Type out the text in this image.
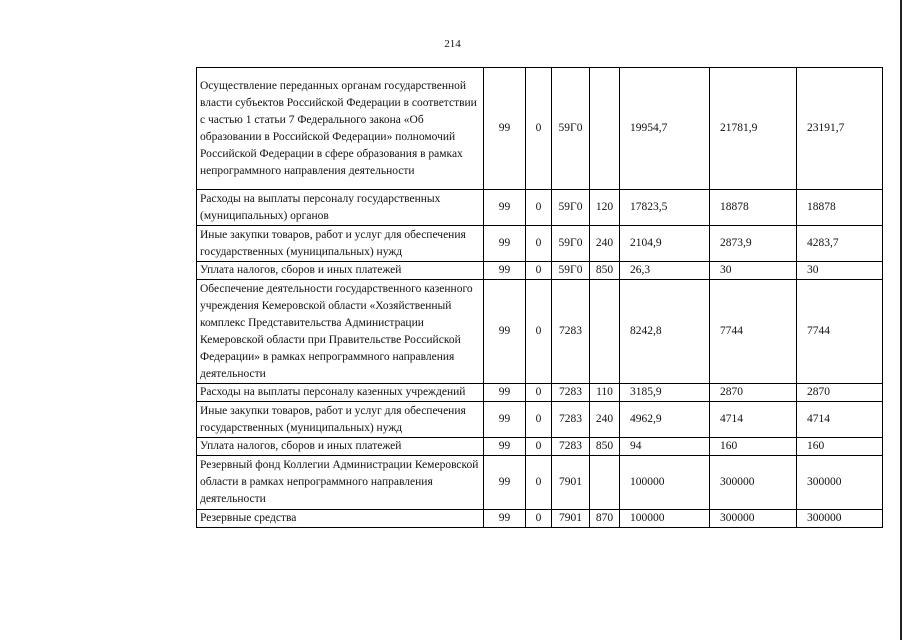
214
Осуществление переданных органам государственной власти субъектов Российской Федерации в соответствии с частью 1 статьи 7 Федерального закона «Об образовании в Российской Федерации» полномочий Российской Федерации в сфере образования в рамках непрограммного направления деятельности	99	0	59Г0		19954,7	21781,9	23191,7
Расходы на выплаты персоналу государственных (муниципальных) органов	99	0	59Г0	120	17823,5	18878	18878
Иные закупки товаров, работ и услуг для обеспечения государственных (муниципальных) нужд	99	0	59Г0	240	2104,9	2873,9	4283,7
Уплата налогов, сборов и иных платежей	99	0	59Г0	850	26,3	30	30
Обеспечение деятельности государственного казенного учреждения Кемеровской области «Хозяйственный комплекс Представительства Администрации Кемеровской области при Правительстве Российской Федерации» в рамках непрограммного направления деятельности	99	0	7283		8242,8	7744	7744
Расходы на выплаты персоналу казенных учреждений	99	0	7283	110	3185,9	2870	2870
Иные закупки товаров, работ и услуг для обеспечения государственных (муниципальных) нужд	99	0	7283	240	4962,9	4714	4714
Уплата налогов, сборов и иных платежей	99	0	7283	850	94	160	160
Резервный фонд Коллегии Администрации Кемеровской области в рамках непрограммного направления деятельности	99	0	7901		100000	300000	300000
Резервные средства	99	0	7901	870	100000	300000	300000
